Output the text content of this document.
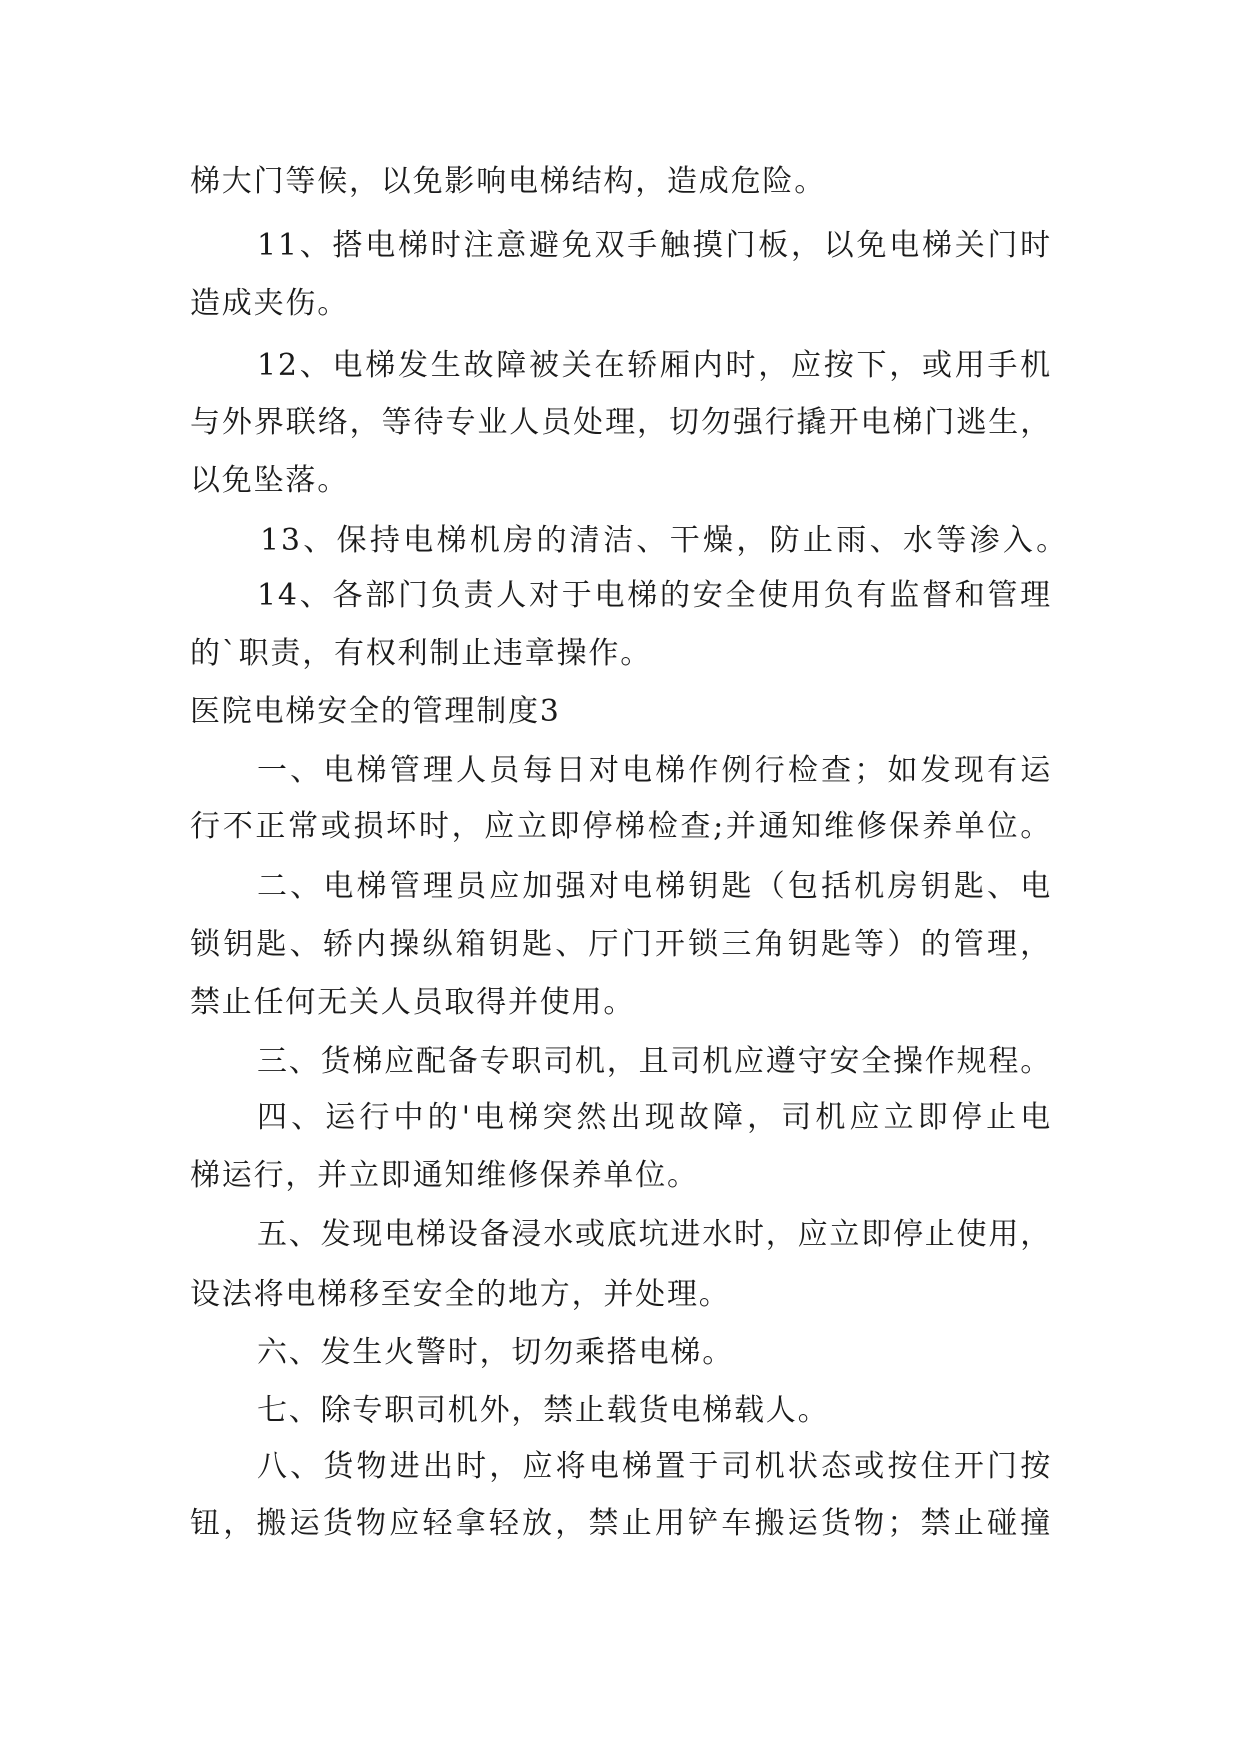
梯大门等候，以免影响电梯结构，造成危险。
11、搭电梯时注意避免双手触摸门板，以免电梯关门时
造成夹伤。
12、电梯发生故障被关在轿厢内时，应按下，或用手机
与外界联络，等待专业人员处理，切勿强行撬开电梯门逃生，
以免坠落。
13、保持电梯机房的清洁、干燥，防止雨、水等渗入。
14、各部门负责人对于电梯的安全使用负有监督和管理
的`职责，有权利制止违章操作。
医院电梯安全的管理制度3
一、电梯管理人员每日对电梯作例行检查；如发现有运
行不正常或损坏时，应立即停梯检查;并通知维修保养单位。
二、电梯管理员应加强对电梯钥匙（包括机房钥匙、电
锁钥匙、轿内操纵箱钥匙、厅门开锁三角钥匙等）的管理，
禁止任何无关人员取得并使用。
三、货梯应配备专职司机，且司机应遵守安全操作规程。
四、运行中的'电梯突然出现故障，司机应立即停止电
梯运行，并立即通知维修保养单位。
五、发现电梯设备浸水或底坑进水时，应立即停止使用，
设法将电梯移至安全的地方，并处理。
六、发生火警时，切勿乘搭电梯。
七、除专职司机外，禁止载货电梯载人。
八、货物进出时，应将电梯置于司机状态或按住开门按
钮，搬运货物应轻拿轻放，禁止用铲车搬运货物；禁止碰撞
